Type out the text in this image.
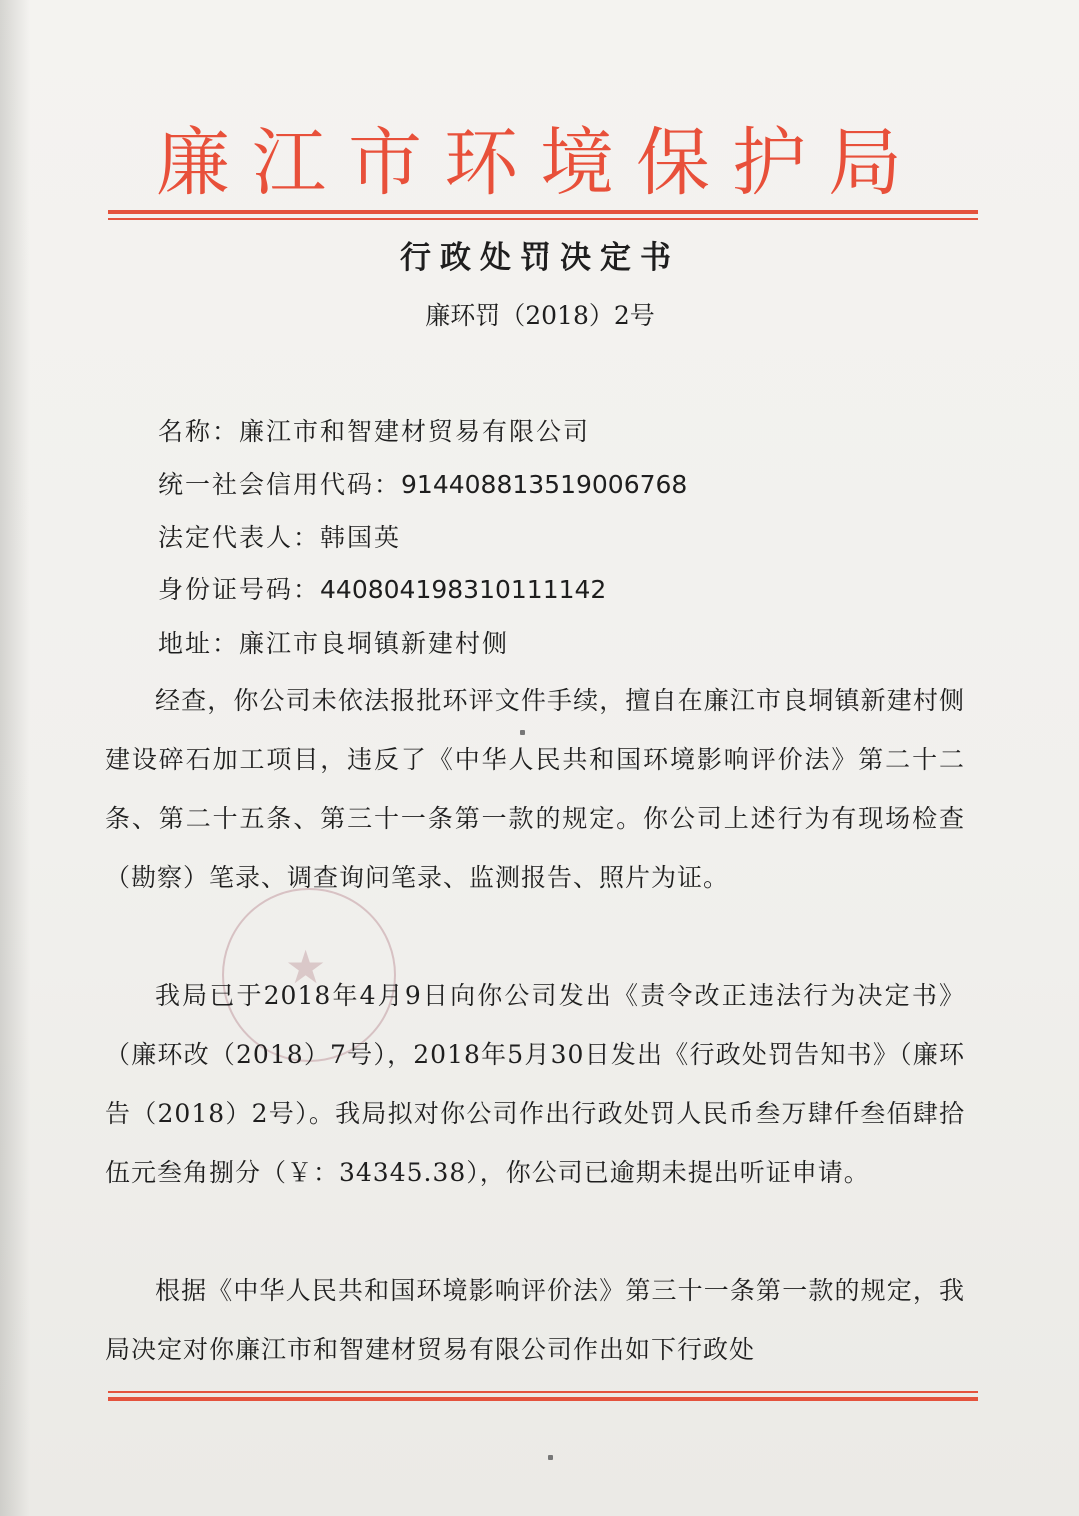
廉江市环境保护局
行政处罚决定书
廉环罚（2018）2号
名称：廉江市和智建材贸易有限公司
统一社会信用代码：91440881351900676​8
法定代表人：韩国英
身份证号码：440804198310111142
地址：廉江市良垌镇新建村侧
★

经查，你公司未依法报批环评文件手续，擅自在廉江市良垌镇新建村侧建设碎石加工项目，违反了《中华人民共和国环境影响评价法》第二十二条、第二十五条、第三十一条第一款的规定。你公司上述行为有现场检查（勘察）笔录、调查询问笔录、监测报告、照片为证。

我局已于2018年4月9日向你公司发出《责令改正违法行为决定书》（廉环改（2018）7号），2018年5月30日发出《行政处罚告知书》（廉环告（2018）2号）。我局拟对你公司作出行政处罚人民币叁万肆仟叁佰肆拾伍元叁角捌分（￥：34345.38），你公司已逾期未提出听证申请。

根据《中华人民共和国环境影响评价法》第三十一条第一款的规定，我局决定对你廉江市和智建材贸易有限公司作出如下行政处
